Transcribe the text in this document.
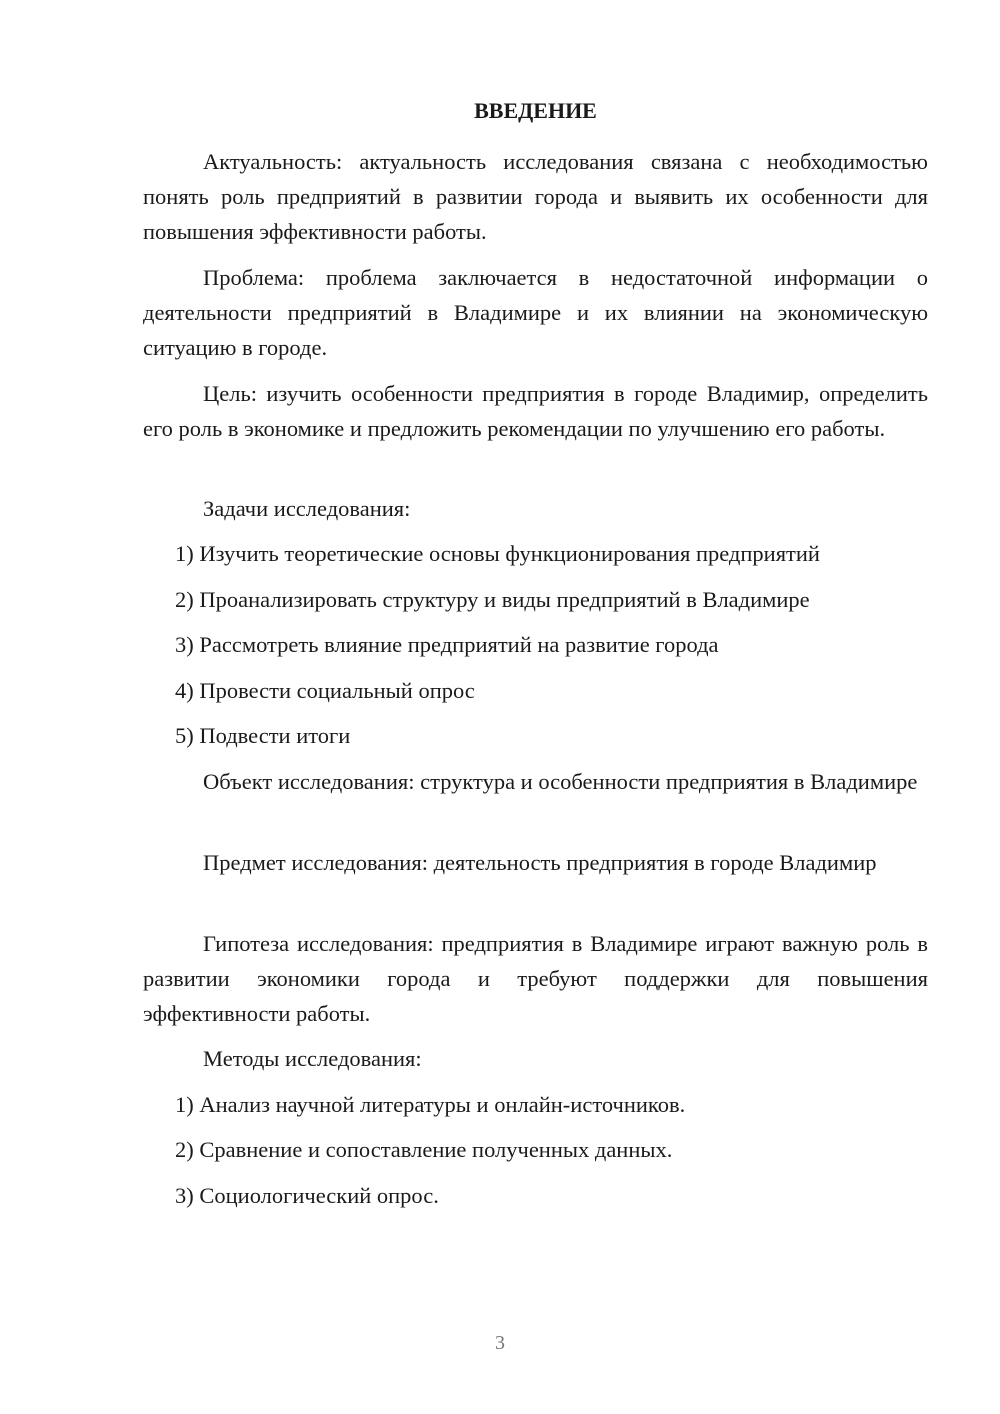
ВВЕДЕНИЕ

Актуальность: актуальность исследования связана с необходимостью понять роль предприятий в развитии города и выявить их особенности для повышения эффективности работы.

Проблема: проблема заключается в недостаточной информации о деятельности предприятий в Владимире и их влиянии на экономическую ситуацию в городе.

Цель: изучить особенности предприятия в городе Владимир, определить его роль в экономике и предложить рекомендации по улучшению его работы.

Задачи исследования:

1) Изучить теоретические основы функционирования предприятий

2) Проанализировать структуру и виды предприятий в Владимире

3) Рассмотреть влияние предприятий на развитие города

4) Провести социальный опрос

5) Подвести итоги

Объект исследования: структура и особенности предприятия в Владимире

Предмет исследования: деятельность предприятия в городе Владимир

Гипотеза исследования: предприятия в Владимире играют важную роль в развитии экономики города и требуют поддержки для повышения эффективности работы.

Методы исследования:

1) Анализ научной литературы и онлайн-источников.

2) Сравнение и сопоставление полученных данных.

3) Социологический опрос.

3
